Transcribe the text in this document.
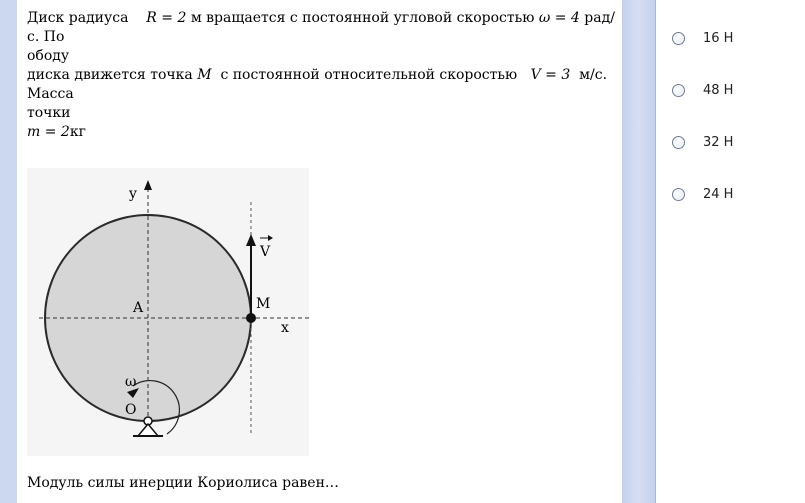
Диск радиуса R = 2 м вращается с постоянной угловой скоростью ω = 4 рад/с. По
ободу
диска движется точка M с постоянной относительной скоростью V = 3 м/с. Масса
точки
m = 2кг
y
x
V
A	M
ω
O
Модуль силы инерции Кориолиса равен…
16 Н
48 Н
32 Н
24 Н
